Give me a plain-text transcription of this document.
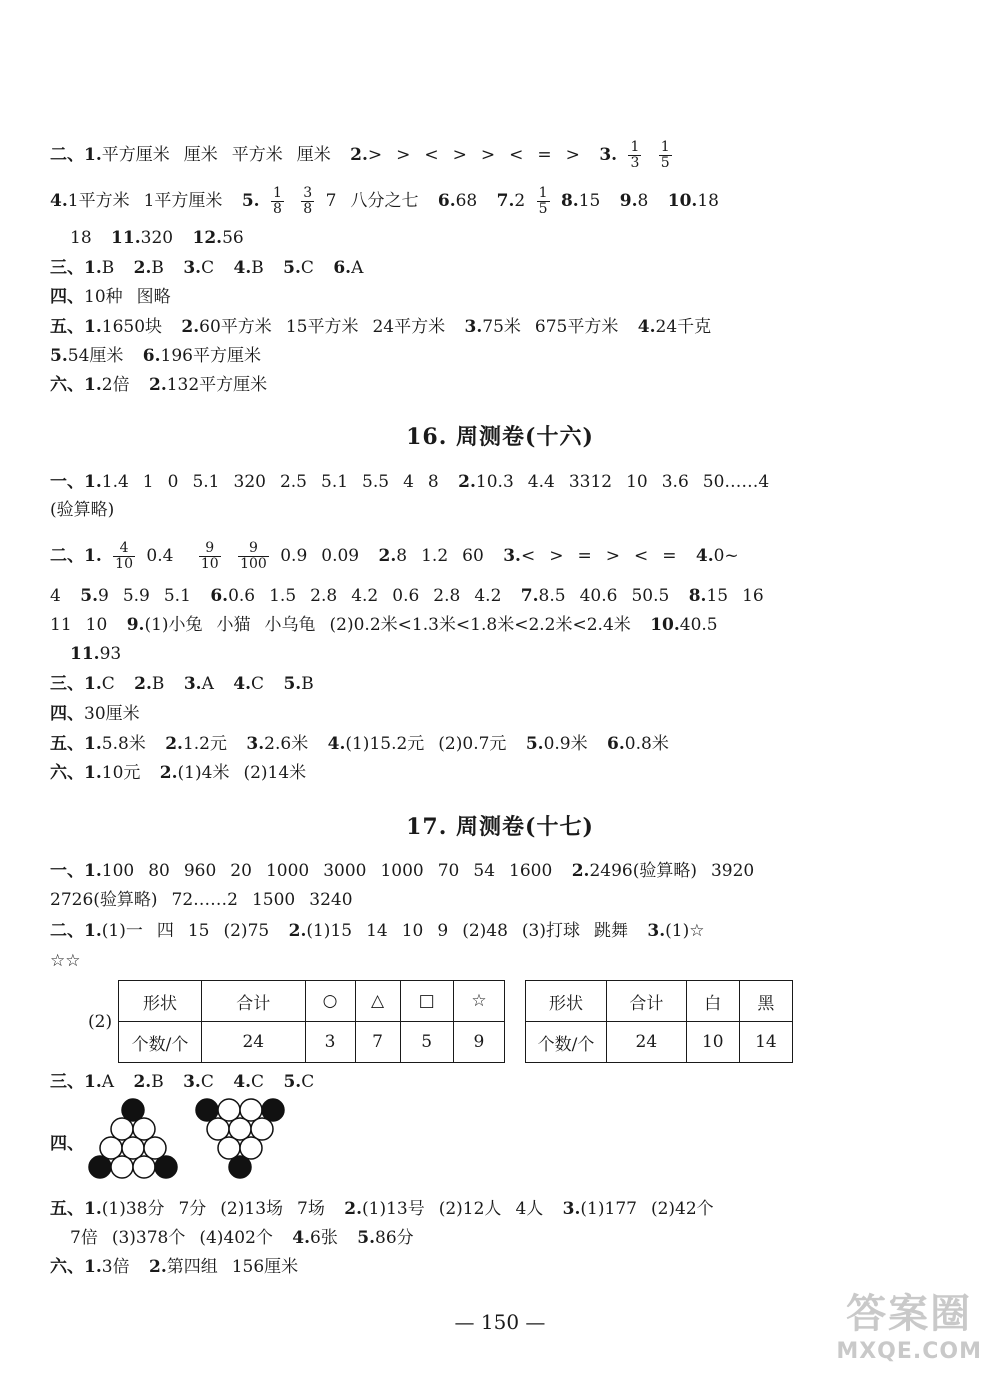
二、1.平方厘米 厘米 平方米 厘米 2.> > < > > < = > 3. $\frac{1}{3}$
$\frac{1}{5}$
4.1平方米 1平方厘米 5. $\frac{1}{8}$
$\frac{3}{8} 7$ 八分之七 6.68 $7.2 \frac{1}{5} 8.15$ 9.8 10.18
18 11.320 12.56
三、1.B 2.B 3.C 4.B 5.C 6.A
四、10种 图略
五、1.1650块 2.60平方米 15平方米 24平方米 3.75米 675平方米 4.24千克
5.54厘米 6.196平方厘米
六、1.2倍 2.132平方厘米
16. 周测卷(十六)
一、1.1.4 1 0 5.1 320 2.5 5.1 5.5 4 8 2.10.3 4.4 3312 10 3.6 50……4
(验算略)
二、1. $\frac{4}{10} 0.4 \frac{9}{10}$
$\frac{9}{100} 0.9$ 0.09 2.8 1.2 60 3.< > = > < = 4.0~
4 5.9 5.9 5.1 6.0.6 1.5 2.8 4.2 0.6 2.8 4.2 7.8.5 40.6 50.5 8.15 16
11 10 9.(1)小兔 小猫 小乌龟 (2)0.2米<1.3米<1.8米<2.2米<2.4米 10.40.5
11.93
三、1.C 2.B 3.A 4.C 5.B
四、30厘米
五、1.5.8米 2.1.2元 3.2.6米 4.(1)15.2元 (2)0.7元 5.0.9米 6.0.8米
六、1.10元 2.(1)4米 (2)14米
17. 周测卷(十七)
一、1.100 80 960 20 1000 3000 1000 70 54 1600 2.2496(验算略) 3920
2726(验算略) 72……2 1500 3240
二、1.(1)一 四 15 (2)75 2.(1)15 14 10 9 (2)48 (3)打球 跳舞 3.(1)☆
☆☆
(2)
形状	合计	○	△	□	☆
个数/个	24	3	7	5	9
形状	合计	白	黑
个数/个	24	10	14
三、1.A 2.B 3.C 4.C 5.C
四、
五、1.(1)38分 7分 (2)13场 7场 2.(1)13号 (2)12人 4人 3.(1)177 (2)42个
7倍 (3)378个 (4)402个 4.6张 5.86分
六、1.3倍 2.第四组 156厘米
— 150 —	答案圈
MXQE.COM
